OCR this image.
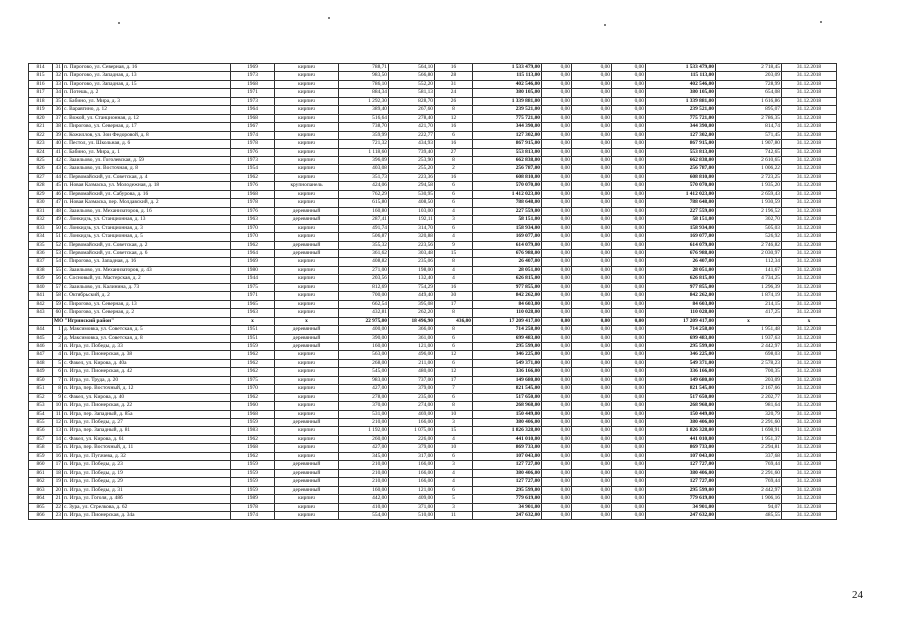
814	31	п. Пирогово, ул. Северная, д. 16	1969	кирпич	788,71	564,10	16	1 533 479,00	0,00	0,00	0,00	1 533 479,00	2 718,45	31.12.2018
815	32	п. Пирогово, ул. Западная, д. 13	1973	кирпич	983,50	566,80	28	115 113,00	0,00	0,00	0,00	115 113,00	203,09	31.12.2018
816	33	п. Пирогово, ул. Западная, д. 15	1968	кирпич	786,10	552,20	31	402 546,00	0,00	0,00	0,00	402 546,00	728,99	31.12.2018
817	34	п. Потешь, д. 2	1971	кирпич	884,34	581,13	24	380 105,00	0,00	0,00	0,00	380 105,00	654,08	31.12.2018
818	35	с. Бабино, ул. Мира, д. 3	1973	кирпич	1 292,30	828,70	26	1 339 881,00	0,00	0,00	0,00	1 339 881,00	1 616,86	31.12.2018
819	36	с. Варавтино, д. 12	1964	кирпич	389,40	267,60	8	239 521,00	0,00	0,00	0,00	239 521,00	895,07	31.12.2018
820	37	с. Вожой, ул. Станционная, д. 12	1968	кирпич	516,64	278,40	12	775 721,00	0,00	0,00	0,00	775 721,00	2 786,35	31.12.2018
821	38	с. Пирогово, ул. Северная, д. 17	1967	кирпич	738,70	421,70	16	344 390,00	0,00	0,00	0,00	344 390,00	814,74	31.12.2018
822	39	с. Кожиллов, ул. Зои Федоровой, д. 8	1974	кирпич	359,99	222,77	6	127 302,00	0,00	0,00	0,00	127 302,00	571,45	31.12.2018
823	40	с. Пестол, ул. Школьная, д. 6	1978	кирпич	721,32	434,93	16	867 915,00	0,00	0,00	0,00	867 915,00	1 907,80	31.12.2018
824	41	с. Бабино, ул. Мира, д. 1	1976	кирпич	1 118,60	739,40	27	553 813,00	0,00	0,00	0,00	553 813,00	742,65	31.12.2018
825	42	с. Зааильово, ул. Гоголевская, д. 59	1973	кирпич	396,09	253,90	8	662 838,00	0,00	0,00	0,00	662 838,00	2 610,65	31.12.2018
826	43	с. Зааильово, ул. Восточная, д. 8	1954	кирпич	403,08	255,20	2	256 787,00	0,00	0,00	0,00	256 787,00	1 006,22	31.12.2018
827	44	с. Первомайский, ул. Советская, д. 4	1962	кирпич	351,73	223,36	16	608 810,00	0,00	0,00	0,00	608 810,00	2 723,25	31.12.2018
828	45	п. Новая Казмаска, ул. Молодежная, д. 18	1976	крупнопанель	424,06	294,58	6	570 070,00	0,00	0,00	0,00	570 070,00	1 935,20	31.12.2018
829	46	с. Первомайский, ул. Сабурова, д. 16	1968	кирпич	762,29	530,95	6	1 412 023,00	0,00	0,00	0,00	1 412 023,00	2 659,43	31.12.2018
830	47	п. Новая Казмаска, пер. Молдавский, д. 2	1978	кирпич	615,80	408,50	6	788 648,00	0,00	0,00	0,00	788 648,00	1 930,59	31.12.2018
831	48	с. Зааильово, ул. Механизаторов, д. 16	1976	деревянный	160,80	103,00	4	227 559,00	0,00	0,00	0,00	227 559,00	2 196,52	31.12.2018
832	49	с. Лонкидзь, ул. Станционная, д. 13	1963	деревянный	287,41	192,11	3	58 151,00	0,00	0,00	0,00	58 151,00	302,70	31.12.2018
833	50	с. Лонкидзь, ул. Станционная, д. 3	1970	кирпич	491,74	314,70	6	158 934,00	0,00	0,00	0,00	158 934,00	505,03	31.12.2018
834	51	с. Лонкидзь, ул. Станционная, д. 5	1970	кирпич	506,87	320,88	4	169 077,00	0,00	0,00	0,00	169 077,00	526,92	31.12.2018
835	52	с. Первомайский, ул. Советская, д. 2	1962	деревянный	355,32	223,56	9	614 079,00	0,00	0,00	0,00	614 079,00	2 746,82	31.12.2018
836	53	с. Первомайский, ул. Советская, д. 6	1964	деревянный	361,62	303,48	15	676 988,00	0,00	0,00	0,00	676 988,00	2 030,97	31.12.2018
837	54	с. Пирогово, ул. Западная, д. 16	1969	кирпич	408,82	235,06	8	26 407,00	0,00	0,00	0,00	26 407,00	112,34	31.12.2018
838	55	с. Зааильово, ул. Механизаторов, д. 43	1980	кирпич	271,00	198,00	4	28 051,00	0,00	0,00	0,00	28 051,00	141,67	31.12.2018
839	56	с. Сосновый, ул. Мастерская, д. 2	1944	кирпич	203,56	132,40	4	626 815,00	0,00	0,00	0,00	626 815,00	4 734,25	31.12.2018
840	57	с. Зааильово, ул. Калинина, д. 73	1975	кирпич	812,69	754,29	16	977 855,00	0,00	0,00	0,00	977 855,00	1 296,39	31.12.2018
841	58	с. Октябрьский, д. 2	1971	кирпич	700,00	449,40	30	842 262,00	0,00	0,00	0,00	842 262,00	1 874,19	31.12.2018
842	59	с. Пирогово, ул. Северная, д. 13	1965	кирпич	662,54	395,08	17	84 603,00	0,00	0,00	0,00	84 603,00	214,15	31.12.2018
843	60	с. Пирогово, ул. Северная, д. 2	1963	кирпич	432,81	262,20	8	110 028,00	0,00	0,00	0,00	110 028,00	417,25	31.12.2018
	МО "Игринский район"		x	x	22 975,00	18 496,90	436,00	17 209 417,00	0,00	0,00	0,00	17 209 417,00	x	x
844	1	д. Максимовка, ул. Советская, д. 5	1951	деревянный	400,00	366,00	8	714 258,00	0,00	0,00	0,00	714 258,00	1 951,48	31.12.2018
845	2	д. Максимовка, ул. Советская, д. 8	1951	деревянный	390,00	361,00	6	699 483,00	0,00	0,00	0,00	699 483,00	1 937,63	31.12.2018
846	3	п. Игра, ул. Победы, д. 33	1959	деревянный	160,00	121,00	6	295 599,00	0,00	0,00	0,00	295 599,00	2 442,97	31.12.2018
847	4	п. Игра, ул. Пионерская, д. 38	1962	кирпич	563,00	496,00	12	346 225,00	0,00	0,00	0,00	346 225,00	698,03	31.12.2018
848	5	с. Факел, ул. Кирова, д. 40а	1962	кирпич	268,00	211,00	6	549 371,00	0,00	0,00	0,00	549 371,00	2 578,23	31.12.2018
849	6	п. Игра, ул. Пионерская, д. 42	1962	кирпич	545,00	480,00	12	336 166,00	0,00	0,00	0,00	336 166,00	700,35	31.12.2018
850	7	п. Игра, ул. Труда, д. 20	1975	кирпич	983,00	737,00	17	149 680,00	0,00	0,00	0,00	149 680,00	203,09	31.12.2018
851	8	п. Игра, пер. Восточный, д. 12	1970	кирпич	427,00	379,00	7	821 545,00	0,00	0,00	0,00	821 545,00	2 167,66	31.12.2018
852	9	с. Факел, ул. Кирова, д. 40	1962	кирпич	278,00	235,00	6	517 650,00	0,00	0,00	0,00	517 650,00	2 202,77	31.12.2018
853	10	п. Игра, ул. Пионерская, д. 22	1960	кирпич	370,00	274,00	8	268 968,00	0,00	0,00	0,00	268 968,00	981,64	31.12.2018
854	11	п. Игра, пер. Западный, д. 85а	1968	кирпич	531,00	469,00	10	150 449,00	0,00	0,00	0,00	150 449,00	320,79	31.12.2018
855	12	п. Игра, ул. Победы, д. 27	1959	деревянный	210,00	166,00	3	380 406,00	0,00	0,00	0,00	380 406,00	2 291,60	31.12.2018
856	13	п. Игра, пер. Западный, д. 81	1983	кирпич	1 192,00	1 075,00	15	1 826 328,00	0,00	0,00	0,00	1 826 328,00	1 698,91	31.12.2018
857	14	с. Факел, ул. Кирова, д. 61	1962	кирпич	260,00	226,00	4	441 010,00	0,00	0,00	0,00	441 010,00	1 951,37	31.12.2018
858	15	п. Игра, пер. Восточный, д. 11	1968	кирпич	427,00	379,00	10	869 733,00	0,00	0,00	0,00	869 733,00	2 294,81	31.12.2018
859	16	п. Игра, ул. Пугачева, д. 32	1962	кирпич	345,00	317,00	6	107 043,00	0,00	0,00	0,00	107 043,00	337,68	31.12.2018
860	17	п. Игра, ул. Победы, д. 23	1959	деревянный	210,00	166,00	3	127 727,00	0,00	0,00	0,00	127 727,00	769,44	31.12.2018
861	18	п. Игра, ул. Победы, д. 19	1959	деревянный	210,00	166,00	4	380 406,00	0,00	0,00	0,00	380 406,00	2 291,60	31.12.2018
862	19	п. Игра, ул. Победы, д. 29	1959	деревянный	210,00	166,00	4	127 727,00	0,00	0,00	0,00	127 727,00	769,44	31.12.2018
863	20	п. Игра, ул. Победы, д. 31	1959	деревянный	160,00	121,00	6	295 599,00	0,00	0,00	0,00	295 599,00	2 442,97	31.12.2018
864	21	п. Игра, ул. Гоголя, д. 48б	1989	кирпич	442,00	409,00	5	779 619,00	0,00	0,00	0,00	779 619,00	1 906,16	31.12.2018
865	22	с. Зура, ул. Стрелкова, д. 62	1978	кирпич	410,00	371,00	3	34 901,00	0,00	0,00	0,00	34 901,00	94,07	31.12.2018
866	23	п. Игра, ул. Пионерская, д. 34а	1974	кирпич	554,00	510,00	11	247 632,00	0,00	0,00	0,00	247 632,00	485,55	31.12.2018
24
